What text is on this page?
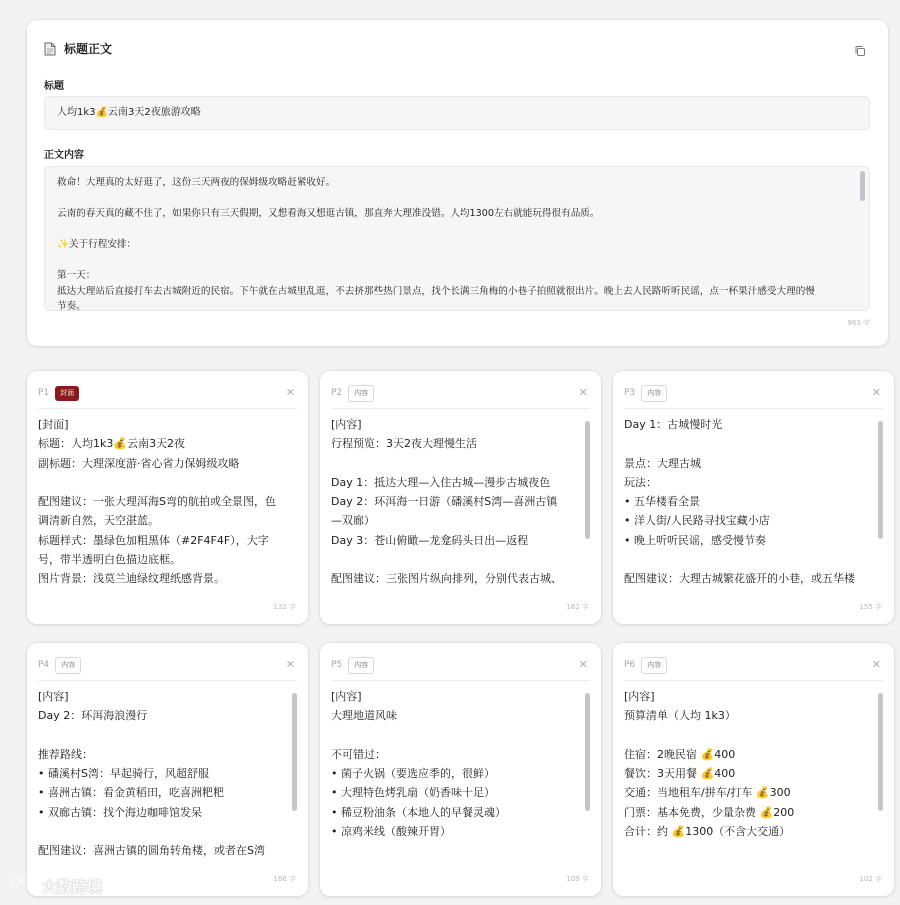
标题正文
标题
人均1k3💰云南3天2夜旅游攻略
正文内容
救命！大理真的太好逛了，这份三天两夜的保姆级攻略赶紧收好。
云南的春天真的藏不住了，如果你只有三天假期，又想看海又想逛古镇，那直奔大理准没错。人均1300左右就能玩得很有品质。
✨关于行程安排：
第一天：
抵达大理站后直接打车去古城附近的民宿。下午就在古城里乱逛，不去挤那些热门景点，找个长满三角梅的小巷子拍照就很出片。晚上去人民路听听民谣，点一杯果汁感受大理的慢
节奏。
963 字
P1	封面	✕
[封面]
标题：人均1k3💰云南3天2夜
副标题：大理深度游·省心省力保姆级攻略
配图建议：一张大理洱海S弯的航拍或全景图，色
调清新自然，天空湛蓝。
标题样式：墨绿色加粗黑体（#2F4F4F），大字
号，带半透明白色描边底框。
图片背景：浅莫兰迪绿纹理纸感背景。
132 字
P2	内容	✕
[内容]
行程预览：3天2夜大理慢生活
Day 1：抵达大理—入住古城—漫步古城夜色
Day 2：环洱海一日游（磻溪村S湾—喜洲古镇
—双廊）
Day 3：苍山俯瞰—龙龛码头日出—返程
配图建议：三张图片纵向排列，分别代表古城、
162 字
P3	内容	✕
Day 1：古城慢时光
景点：大理古城
玩法：
• 五华楼看全景
• 洋人街/人民路寻找宝藏小店
• 晚上听听民谣，感受慢节奏
配图建议：大理古城繁花盛开的小巷，或五华楼
155 字
P4	内容	✕
[内容]
Day 2：环洱海浪漫行
推荐路线：
• 磻溪村S湾：早起骑行，风超舒服
• 喜洲古镇：看金黄稻田，吃喜洲粑粑
• 双廊古镇：找个海边咖啡馆发呆
配图建议：喜洲古镇的圆角转角楼，或者在S湾
166 字
P5	内容	✕
[内容]
大理地道风味
不可错过：
• 菌子火锅（要选应季的，很鲜）
• 大理特色烤乳扇（奶香味十足）
• 稀豆粉油条（本地人的早餐灵魂）
• 凉鸡米线（酸辣开胃）
109 字
P6	内容	✕
[内容]
预算清单（人均 1k3）
住宿：2晚民宿 💰400
餐饮：3天用餐 💰400
交通：当地租车/拼车/打车 💰300
门票：基本免费，少量杂费 💰200
合计：约 💰1300（不含大交通）
102 字
大数跨境
